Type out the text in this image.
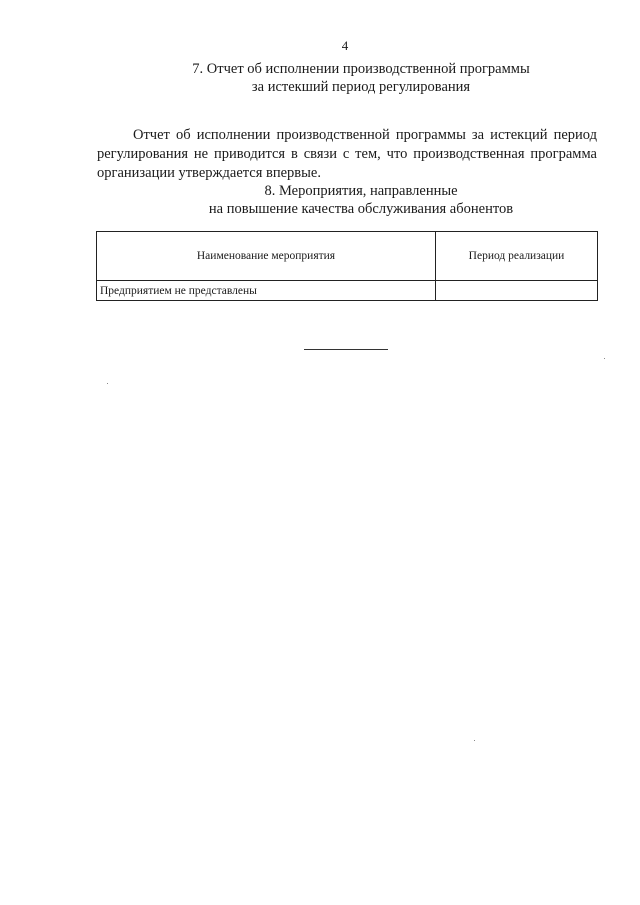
4
7. Отчет об исполнении производственной программы
за истекший период регулирования

Отчет об исполнении производственной программы за истекций период регулирования не приводится в связи с тем, что производственная программа организации утверждается впервые.

8. Мероприятия, направленные
на повышение качества обслуживания абонентов
Наименование мероприятия	Период реализации
Предприятием не представлены	
